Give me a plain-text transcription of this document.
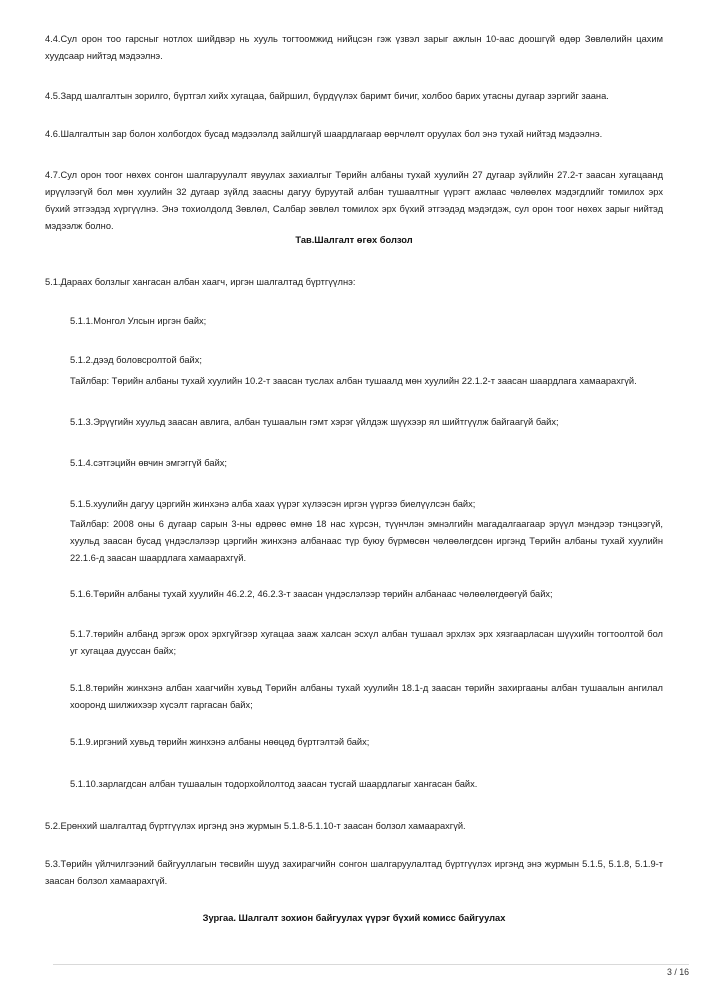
4.4.Сул орон тоо гарсныг нотлох шийдвэр нь хууль тогтоомжид нийцсэн гэж үзвэл зарыг ажлын 10-аас доошгүй өдөр Зөвлөлийн цахим хуудсаар нийтэд мэдээлнэ.

4.5.Зард шалгалтын зорилго, бүртгэл хийх хугацаа, байршил, бүрдүүлэх баримт бичиг, холбоо барих утасны дугаар зэргийг заана.

4.6.Шалгалтын зар болон холбогдох бусад мэдээлэлд зайлшгүй шаардлагаар өөрчлөлт оруулах бол энэ тухай нийтэд мэдээлнэ.

4.7.Сул орон тоог нөхөх сонгон шалгаруулалт явуулах захиалгыг Төрийн албаны тухай хуулийн 27 дугаар зүйлийн 27.2-т заасан хугацаанд ирүүлээгүй бол мөн хуулийн 32 дугаар зүйлд заасны дагуу буруутай албан тушаалтныг үүрэгт ажлаас чөлөөлөх мэдэгдлийг томилох эрх бүхий этгээдэд хүргүүлнэ. Энэ тохиолдолд Зөвлөл, Салбар зөвлөл томилох эрх бүхий этгээдэд мэдэгдэж, сул орон тоог нөхөх зарыг нийтэд мэдээлж болно.

Тав.Шалгалт өгөх болзол

5.1.Дараах болзлыг хангасан албан хаагч, иргэн шалгалтад бүртгүүлнэ:

5.1.1.Монгол Улсын иргэн байх;

5.1.2.дээд боловсролтой байх;

Тайлбар: Төрийн албаны тухай хуулийн 10.2-т заасан туслах албан тушаалд мөн хуулийн 22.1.2-т заасан шаардлага хамаарахгүй.

5.1.3.Эрүүгийн хуульд заасан авлига, албан тушаалын гэмт хэрэг үйлдэж шүүхээр ял шийтгүүлж байгаагүй байх;

5.1.4.сэтгэцийн өвчин эмгэггүй байх;

5.1.5.хуулийн дагуу цэргийн жинхэнэ алба хаах үүрэг хүлээсэн иргэн үүргээ биелүүлсэн байх;

Тайлбар: 2008 оны 6 дугаар сарын 3-ны өдрөөс өмнө 18 нас хүрсэн, түүнчлэн эмнэлгийн магадалгаагаар эрүүл мэндээр тэнцээгүй, хуульд заасан бусад үндэслэлээр цэргийн жинхэнэ албанаас түр буюу бүрмөсөн чөлөөлөгдсөн иргэнд Төрийн албаны тухай хуулийн 22.1.6-д заасан шаардлага хамаарахгүй.

5.1.6.Төрийн албаны тухай хуулийн 46.2.2, 46.2.3-т заасан үндэслэлээр төрийн албанаас чөлөөлөгдөөгүй байх;

5.1.7.төрийн албанд эргэж орох эрхгүйгээр хугацаа зааж халсан эсхүл албан тушаал эрхлэх эрх хязгаарласан шүүхийн тогтоолтой бол уг хугацаа дууссан байх;

5.1.8.төрийн жинхэнэ албан хаагчийн хувьд Төрийн албаны тухай хуулийн 18.1-д заасан төрийн захиргааны албан тушаалын ангилал хооронд шилжихээр хүсэлт гаргасан байх;

5.1.9.иргэний хувьд төрийн жинхэнэ албаны нөөцөд бүртгэлтэй байх;

5.1.10.зарлагдсан албан тушаалын тодорхойлолтод заасан тусгай шаардлагыг хангасан байх.

5.2.Ерөнхий шалгалтад бүртгүүлэх иргэнд энэ журмын 5.1.8-5.1.10-т заасан болзол хамаарахгүй.

5.3.Төрийн үйлчилгээний байгууллагын төсвийн шууд захирагчийн сонгон шалгаруулалтад бүртгүүлэх иргэнд энэ журмын 5.1.5, 5.1.8, 5.1.9-т заасан болзол хамаарахгүй.

Зургаа. Шалгалт зохион байгуулах үүрэг бүхий комисс байгуулах

3 / 16
